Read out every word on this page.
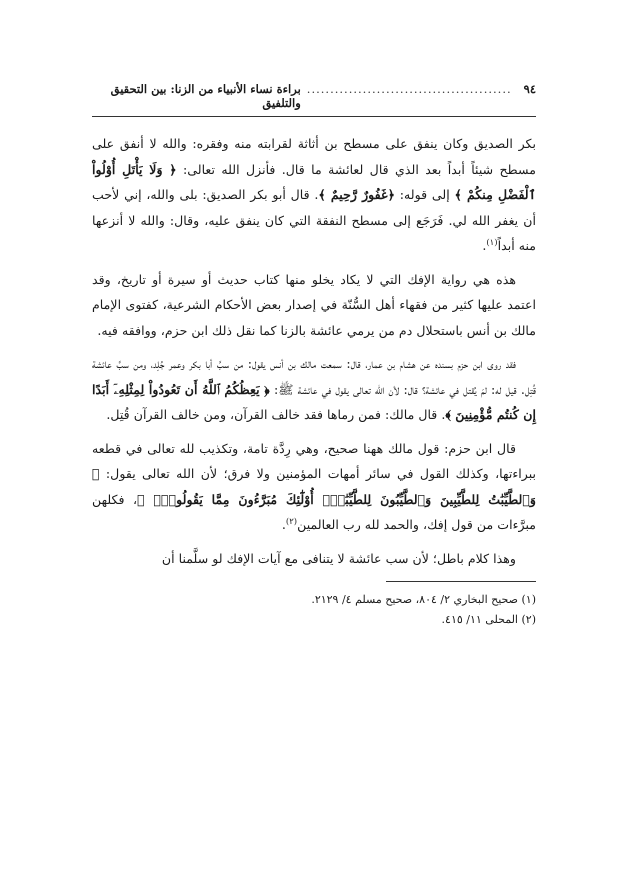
٩٤
............................................
براءة نساء الأنبياء من الزنا: بين التحقيق والتلفيق

بكر الصديق وكان ينفق على مسطح بن أثاثة لقرابته منه وفقره: والله لا أنفق على مسطح شيئاً أبداً بعد الذي قال لعائشة ما قال. فأنزل الله تعالى: ﴿ وَلَا يَأْتَلِ أُوْلُواْ ٱلْفَضْلِ مِنكُمْ ﴾ إلى قوله: ﴿غَفُورٌ رَّحِيمٌ ﴾. قال أبو بكر الصديق: بلى والله، إني لأحب أن يغفر الله لي. فَرَجَع إلى مسطح النفقة التي كان ينفق عليه، وقال: والله لا أنزعها منه أبداً$^{(١)}$.

هذه هي رواية الإفك التي لا يكاد يخلو منها كتاب حديث أو سيرة أو تاريخ، وقد اعتمد عليها كثير من فقهاء أهل السُّنّة في إصدار بعض الأحكام الشرعية، كفتوى الإمام مالك بن أنس باستحلال دم من يرمي عائشة بالزنا كما نقل ذلك ابن حزم، ووافقه فيه.

فقد روى ابن حزم بسنده عن هشام بن عمار، قال: سمعت مالك بن أنس يقول: من سبَّ أبا بكر وعمر جُلِد، ومن سبَّ عائشة قُتِل. قيل له: لمَ يُقتل في عائشة؟ قال: لأن الله تعالى يقول في عائشة ﷺ: ﴿ يَعِظُكُمُ ٱللَّهُ أَن تَعُودُواْ لِمِثْلِهِۦٓ أَبَدًا إِن كُنتُم مُّؤْمِنِينَ ﴾. قال مالك: فمن رماها فقد خالف القرآن، ومن خالف القرآن قُتِل.

قال ابن حزم: قول مالك ههنا صحيح، وهي رِدَّة تامة، وتكذيب لله تعالى في قطعه ببراءتها، وكذلك القول في سائر أمهات المؤمنين ولا فرق؛ لأن الله تعالى يقول: ﴿ وَٱلطَّيِّبَٰتُ لِلطَّيِّبِينَ وَٱلطَّيِّبُونَ لِلطَّيِّبَٰتِۚ أُوْلَٰٓئِكَ مُبَرَّءُونَ مِمَّا يَقُولُونَۖ ﴾، فكلهن مبرَّءات من قول إفك، والحمد لله رب العالمين$^{(٢)}$.

وهذا كلام باطل؛ لأن سب عائشة لا يتنافى مع آيات الإفك لو سلَّمنا أن

(١) صحيح البخاري ٢/ ٨٠٤، صحيح مسلم ٤/ ٢١٢٩.
(٢) المحلى ١١/ ٤١٥.
